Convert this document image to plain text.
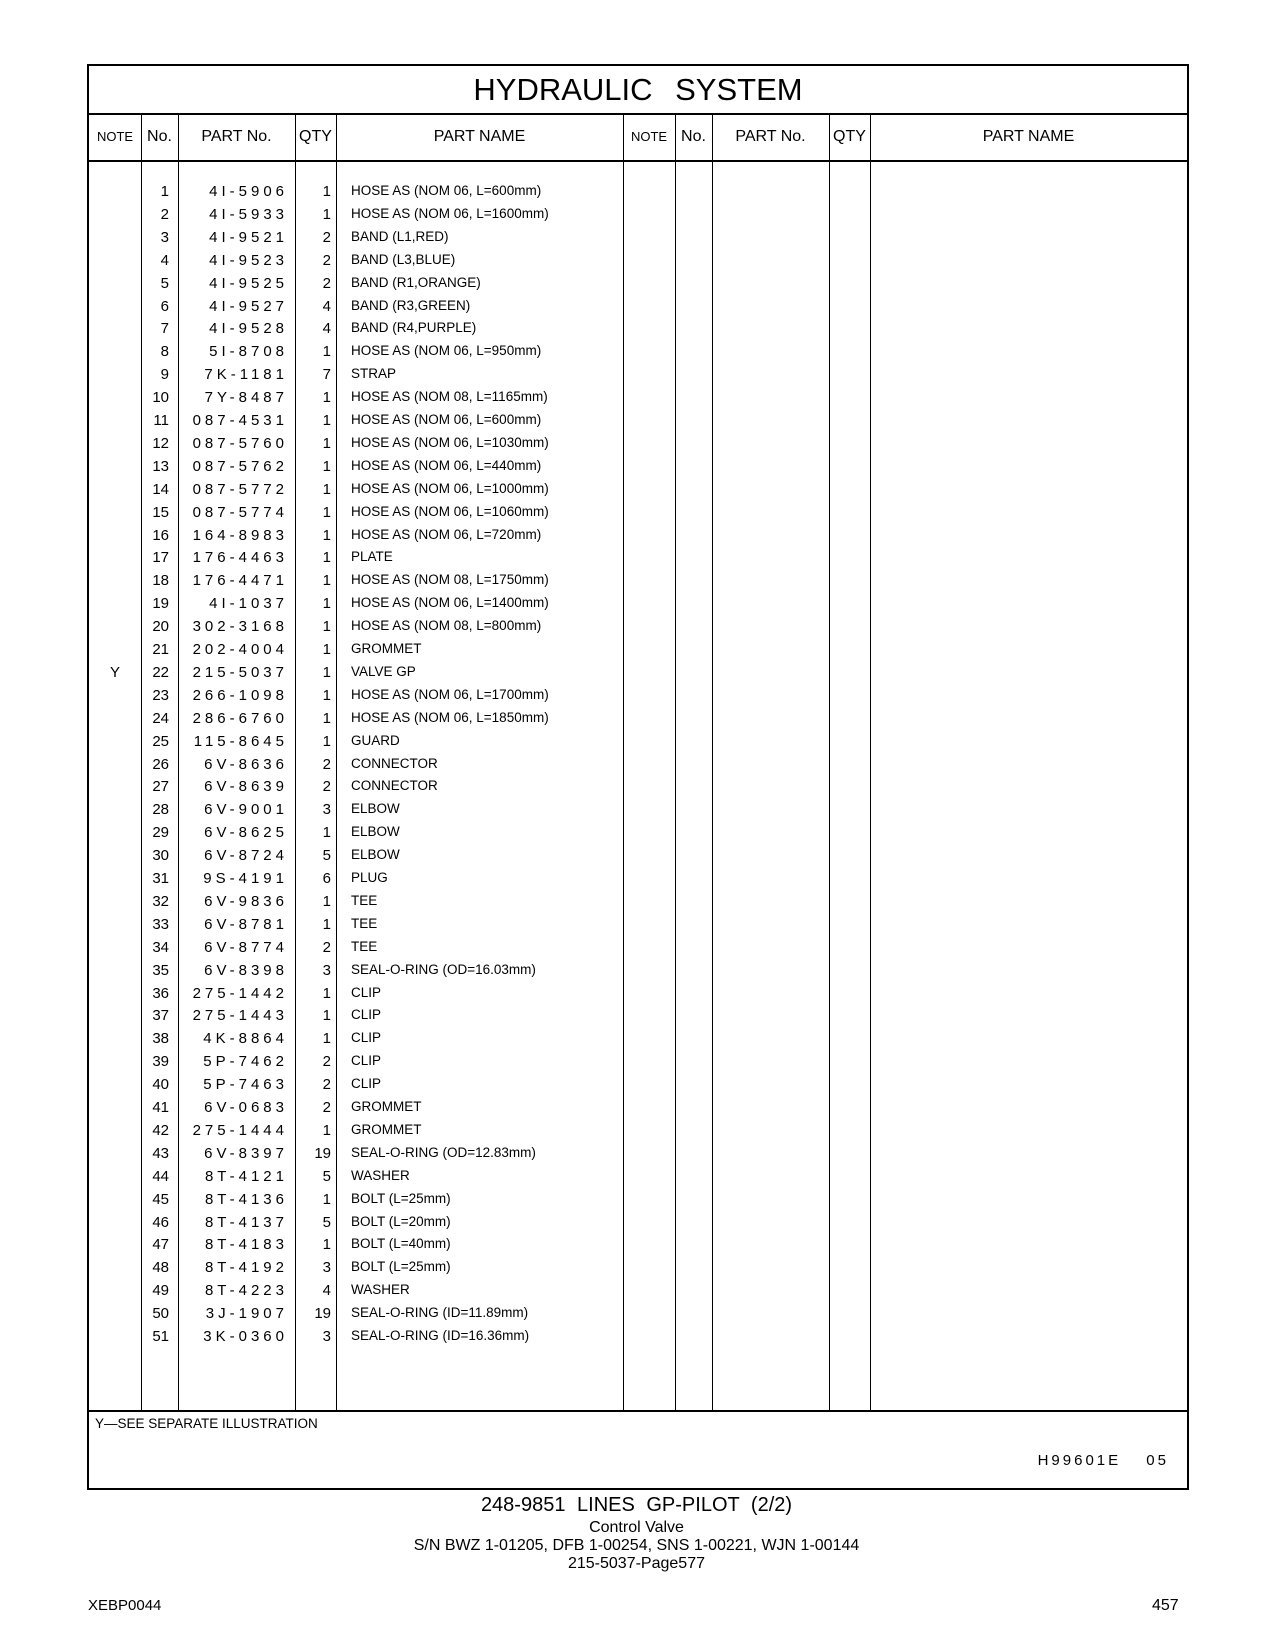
HYDRAULIC SYSTEM
NOTE No.	PART No.	QTY	PART NAME	NOTE No.	PART No.	QTY	PART NAME
1	4I-5906	1 HOSE AS (NOM 06, L=600mm)
2	4I-5933	1 HOSE AS (NOM 06, L=1600mm)
3	4I-9521	2 BAND (L1,RED)
4	4I-9523	2 BAND (L3,BLUE)
5	4I-9525	2 BAND (R1,ORANGE)
6	4I-9527	4 BAND (R3,GREEN)
7	4I-9528	4 BAND (R4,PURPLE)
8	5I-8708	1 HOSE AS (NOM 06, L=950mm)
9	7K-1181	7 STRAP
10	7Y-8487	1 HOSE AS (NOM 08, L=1165mm)
11	087-4531	1 HOSE AS (NOM 06, L=600mm)
12	087-5760	1 HOSE AS (NOM 06, L=1030mm)
13	087-5762	1 HOSE AS (NOM 06, L=440mm)
14	087-5772	1 HOSE AS (NOM 06, L=1000mm)
15	087-5774	1 HOSE AS (NOM 06, L=1060mm)
16	164-8983	1 HOSE AS (NOM 06, L=720mm)
17	176-4463	1 PLATE
18	176-4471	1 HOSE AS (NOM 08, L=1750mm)
19	4I-1037	1 HOSE AS (NOM 06, L=1400mm)
20	302-3168	1 HOSE AS (NOM 08, L=800mm)
21	202-4004	1 GROMMET
Y	22	215-5037	1 VALVE GP
23	266-1098	1 HOSE AS (NOM 06, L=1700mm)
24	286-6760	1 HOSE AS (NOM 06, L=1850mm)
25	115-8645	1 GUARD
26	6V-8636	2 CONNECTOR
27	6V-8639	2 CONNECTOR
28	6V-9001	3 ELBOW
29	6V-8625	1 ELBOW
30	6V-8724	5 ELBOW
31	9S-4191	6 PLUG
32	6V-9836	1 TEE
33	6V-8781	1 TEE
34	6V-8774	2 TEE
35	6V-8398	3 SEAL-O-RING (OD=16.03mm)
36	275-1442	1 CLIP
37	275-1443	1 CLIP
38	4K-8864	1 CLIP
39	5P-7462	2 CLIP
40	5P-7463	2 CLIP
41	6V-0683	2 GROMMET
42	275-1444	1 GROMMET
43	6V-8397	19 SEAL-O-RING (OD=12.83mm)
44	8T-4121	5 WASHER
45	8T-4136	1 BOLT (L=25mm)
46	8T-4137	5 BOLT (L=20mm)
47	8T-4183	1 BOLT (L=40mm)
48	8T-4192	3 BOLT (L=25mm)
49	8T-4223	4 WASHER
50	3J-1907	19 SEAL-O-RING (ID=11.89mm)
51	3K-0360	3 SEAL-O-RING (ID=16.36mm)
Y—SEE SEPARATE ILLUSTRATION
H99601E 05
248-9851 LINES GP-PILOT (2/2)
Control Valve
S/N BWZ 1-01205, DFB 1-00254, SNS 1-00221, WJN 1-00144
215-5037-Page577
XEBP0044	457
